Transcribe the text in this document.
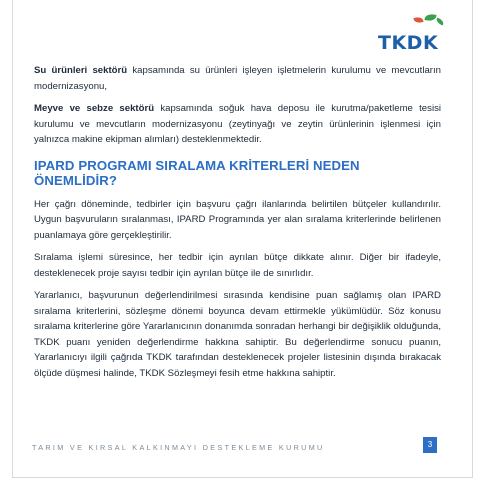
TKDK

Su ürünleri sektörü kapsamında su ürünleri işleyen işletmelerin kurulumu ve mevcutların modernizasyonu,

Meyve ve sebze sektörü kapsamında soğuk hava deposu ile kurutma/paketleme tesisi kurulumu ve mevcutların modernizasyonu (zeytinyağı ve zeytin ürünlerinin işlenmesi için yalnızca makine ekipman alımları) desteklenmektedir.

IPARD PROGRAMI SIRALAMA KRİTERLERİ NEDEN ÖNEMLİDİR?

Her çağrı döneminde, tedbirler için başvuru çağrı ilanlarında belirtilen bütçeler kullandırılır. Uygun başvuruların sıralanması, IPARD Programında yer alan sıralama kriterlerinde belirlenen puanlamaya göre gerçekleştirilir.

Sıralama işlemi süresince, her tedbir için ayrılan bütçe dikkate alınır. Diğer bir ifadeyle, desteklenecek proje sayısı tedbir için ayrılan bütçe ile de sınırlıdır.

Yararlanıcı, başvurunun değerlendirilmesi sırasında kendisine puan sağlamış olan IPARD sıralama kriterlerini, sözleşme dönemi boyunca devam ettirmekle yükümlüdür. Söz konusu sıralama kriterlerine göre Yararlanıcının donanımda sonradan herhangi bir değişiklik olduğunda, TKDK puanı yeniden değerlendirme hakkına sahiptir. Bu değerlendirme sonucu puanın, Yararlanıcıyı ilgili çağrıda TKDK tarafından desteklenecek projeler listesinin dışında bırakacak ölçüde düşmesi halinde, TKDK Sözleşmeyi fesih etme hakkına sahiptir.

TARIM VE KIRSAL KALKINMAYI DESTEKLEME KURUMU	3
